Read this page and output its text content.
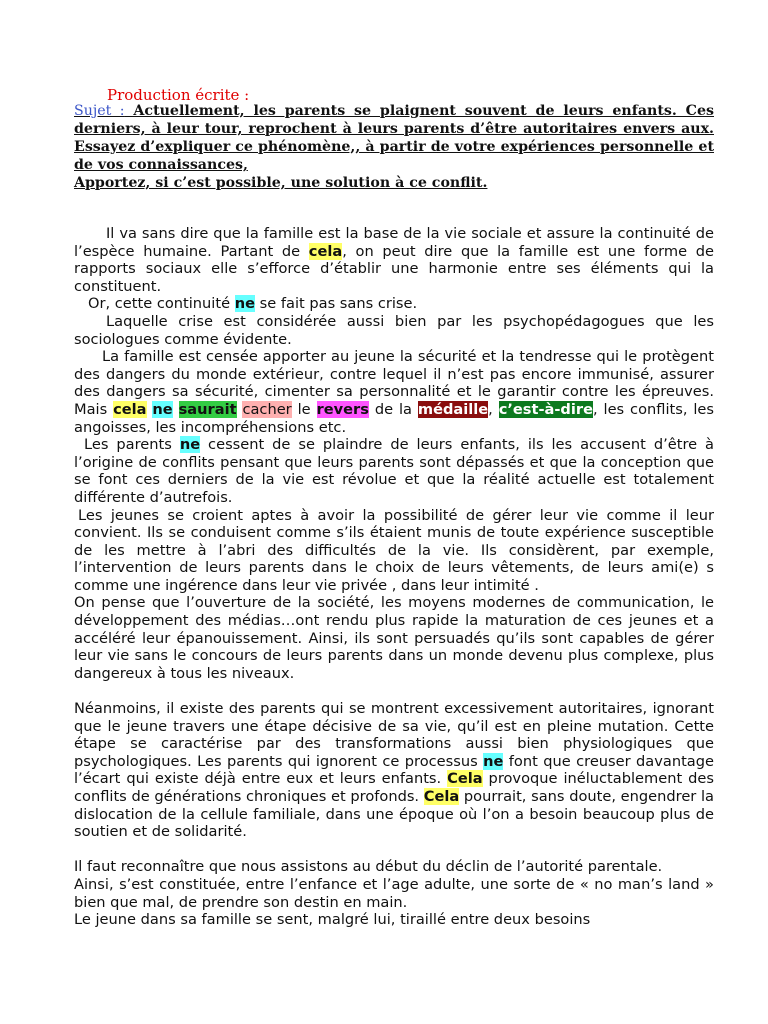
Production écrite :
Sujet : Actuellement, les parents se plaignent souvent de leurs enfants. Ces derniers, à leur tour, reprochent à leurs parents d’être autoritaires envers aux. Essayez d’expliquer ce phénomène,, à partir de votre expériences personnelle et de vos connaissances,
Apportez, si c’est possible, une solution à ce conflit.

Il va sans dire que la famille est la base de la vie sociale et assure la continuité de l’espèce humaine. Partant de cela, on peut dire que la famille est une forme de rapports sociaux elle s’efforce d’établir une harmonie entre ses éléments qui la constituent.

Or, cette continuité ne se fait pas sans crise.

Laquelle crise est considérée aussi bien par les psychopédagogues que les sociologues comme évidente.

La famille est censée apporter au jeune la sécurité et la tendresse qui le protègent des dangers du monde extérieur, contre lequel il n’est pas encore immunisé, assurer des dangers sa sécurité, cimenter sa personnalité et le garantir contre les épreuves. Mais cela ne saurait cacher le revers de la médaille, c’est-à-dire, les conflits, les angoisses, les incompréhensions etc.

Les parents ne cessent de se plaindre de leurs enfants, ils les accusent d’être à l’origine de conflits pensant que leurs parents sont dépassés et que la conception que se font ces derniers de la vie est révolue et que la réalité actuelle est totalement différente d’autrefois.

Les jeunes se croient aptes à avoir la possibilité de gérer leur vie comme il leur convient. Ils se conduisent comme s’ils étaient munis de toute expérience susceptible de les mettre à l’abri des difficultés de la vie. Ils considèrent, par exemple, l’intervention de leurs parents dans le choix de leurs vêtements, de leurs ami(e) s comme une ingérence dans leur vie privée , dans leur intimité .

On pense que l’ouverture de la société, les moyens modernes de communication, le développement des médias…ont rendu plus rapide la maturation de ces jeunes et a accéléré leur épanouissement. Ainsi, ils sont persuadés qu’ils sont capables de gérer leur vie sans le concours de leurs parents dans un monde devenu plus complexe, plus dangereux à tous les niveaux.

Néanmoins, il existe des parents qui se montrent excessivement autoritaires, ignorant que le jeune travers une étape décisive de sa vie, qu’il est en pleine mutation. Cette étape se caractérise par des transformations aussi bien physiologiques que psychologiques. Les parents qui ignorent ce processus ne font que creuser davantage l’écart qui existe déjà entre eux et leurs enfants. Cela provoque inéluctablement des conflits de générations chroniques et profonds. Cela pourrait, sans doute, engendrer la dislocation de la cellule familiale, dans une époque où l’on a besoin beaucoup plus de soutien et de solidarité.

Il faut reconnaître que nous assistons au début du déclin de l’autorité parentale.

Ainsi, s’est constituée, entre l’enfance et l’age adulte, une sorte de « no man’s land » bien que mal, de prendre son destin en main.

Le jeune dans sa famille se sent, malgré lui, tiraillé entre deux besoins
